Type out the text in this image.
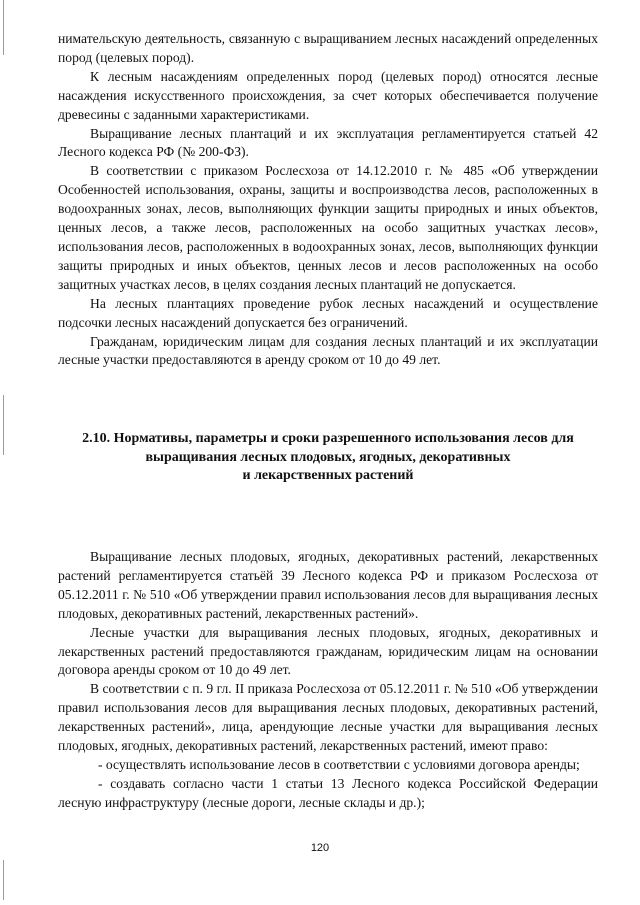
нимательскую деятельность, связанную с выращиванием лесных насаждений определенных пород (целевых пород).

К лесным насаждениям определенных пород (целевых пород) относятся лесные насаждения искусственного происхождения, за счет которых обеспечивается получение древесины с заданными характеристиками.

Выращивание лесных плантаций и их эксплуатация регламентируется статьей 42 Лесного кодекса РФ (№ 200-ФЗ).

В соответствии с приказом Рослесхоза от 14.12.2010 г. № 485 «Об утверждении Особенностей использования, охраны, защиты и воспроизводства лесов, расположенных в водоохранных зонах, лесов, выполняющих функции защиты природных и иных объектов, ценных лесов, а также лесов, расположенных на особо защитных участках лесов», использования лесов, расположенных в водоохранных зонах, лесов, выполняющих функции защиты природных и иных объектов, ценных лесов и лесов расположенных на особо защитных участках лесов, в целях создания лесных плантаций не допускается.

На лесных плантациях проведение рубок лесных насаждений и осуществление подсочки лесных насаждений допускается без ограничений.

Гражданам, юридическим лицам для создания лесных плантаций и их эксплуатации лесные участки предоставляются в аренду сроком от 10 до 49 лет.

2.10. Нормативы, параметры и сроки разрешенного использования лесов для
выращивания лесных плодовых, ягодных, декоративных
и лекарственных растений

Выращивание лесных плодовых, ягодных, декоративных растений, лекарственных растений регламентируется статьёй 39 Лесного кодекса РФ и приказом Рослесхоза от 05.12.2011 г. № 510 «Об утверждении правил использования лесов для выращивания лесных плодовых, декоративных растений, лекарственных растений».

Лесные участки для выращивания лесных плодовых, ягодных, декоративных и лекарственных растений предоставляются гражданам, юридическим лицам на основании договора аренды сроком от 10 до 49 лет.

В соответствии с п. 9 гл. II приказа Рослесхоза от 05.12.2011 г. № 510 «Об утверждении правил использования лесов для выращивания лесных плодовых, декоративных растений, лекарственных растений», лица, арендующие лесные участки для выращивания лесных плодовых, ягодных, декоративных растений, лекарственных растений, имеют право:

- осуществлять использование лесов в соответствии с условиями договора аренды;

- создавать согласно части 1 статьи 13 Лесного кодекса Российской Федерации лесную инфраструктуру (лесные дороги, лесные склады и др.);

120
